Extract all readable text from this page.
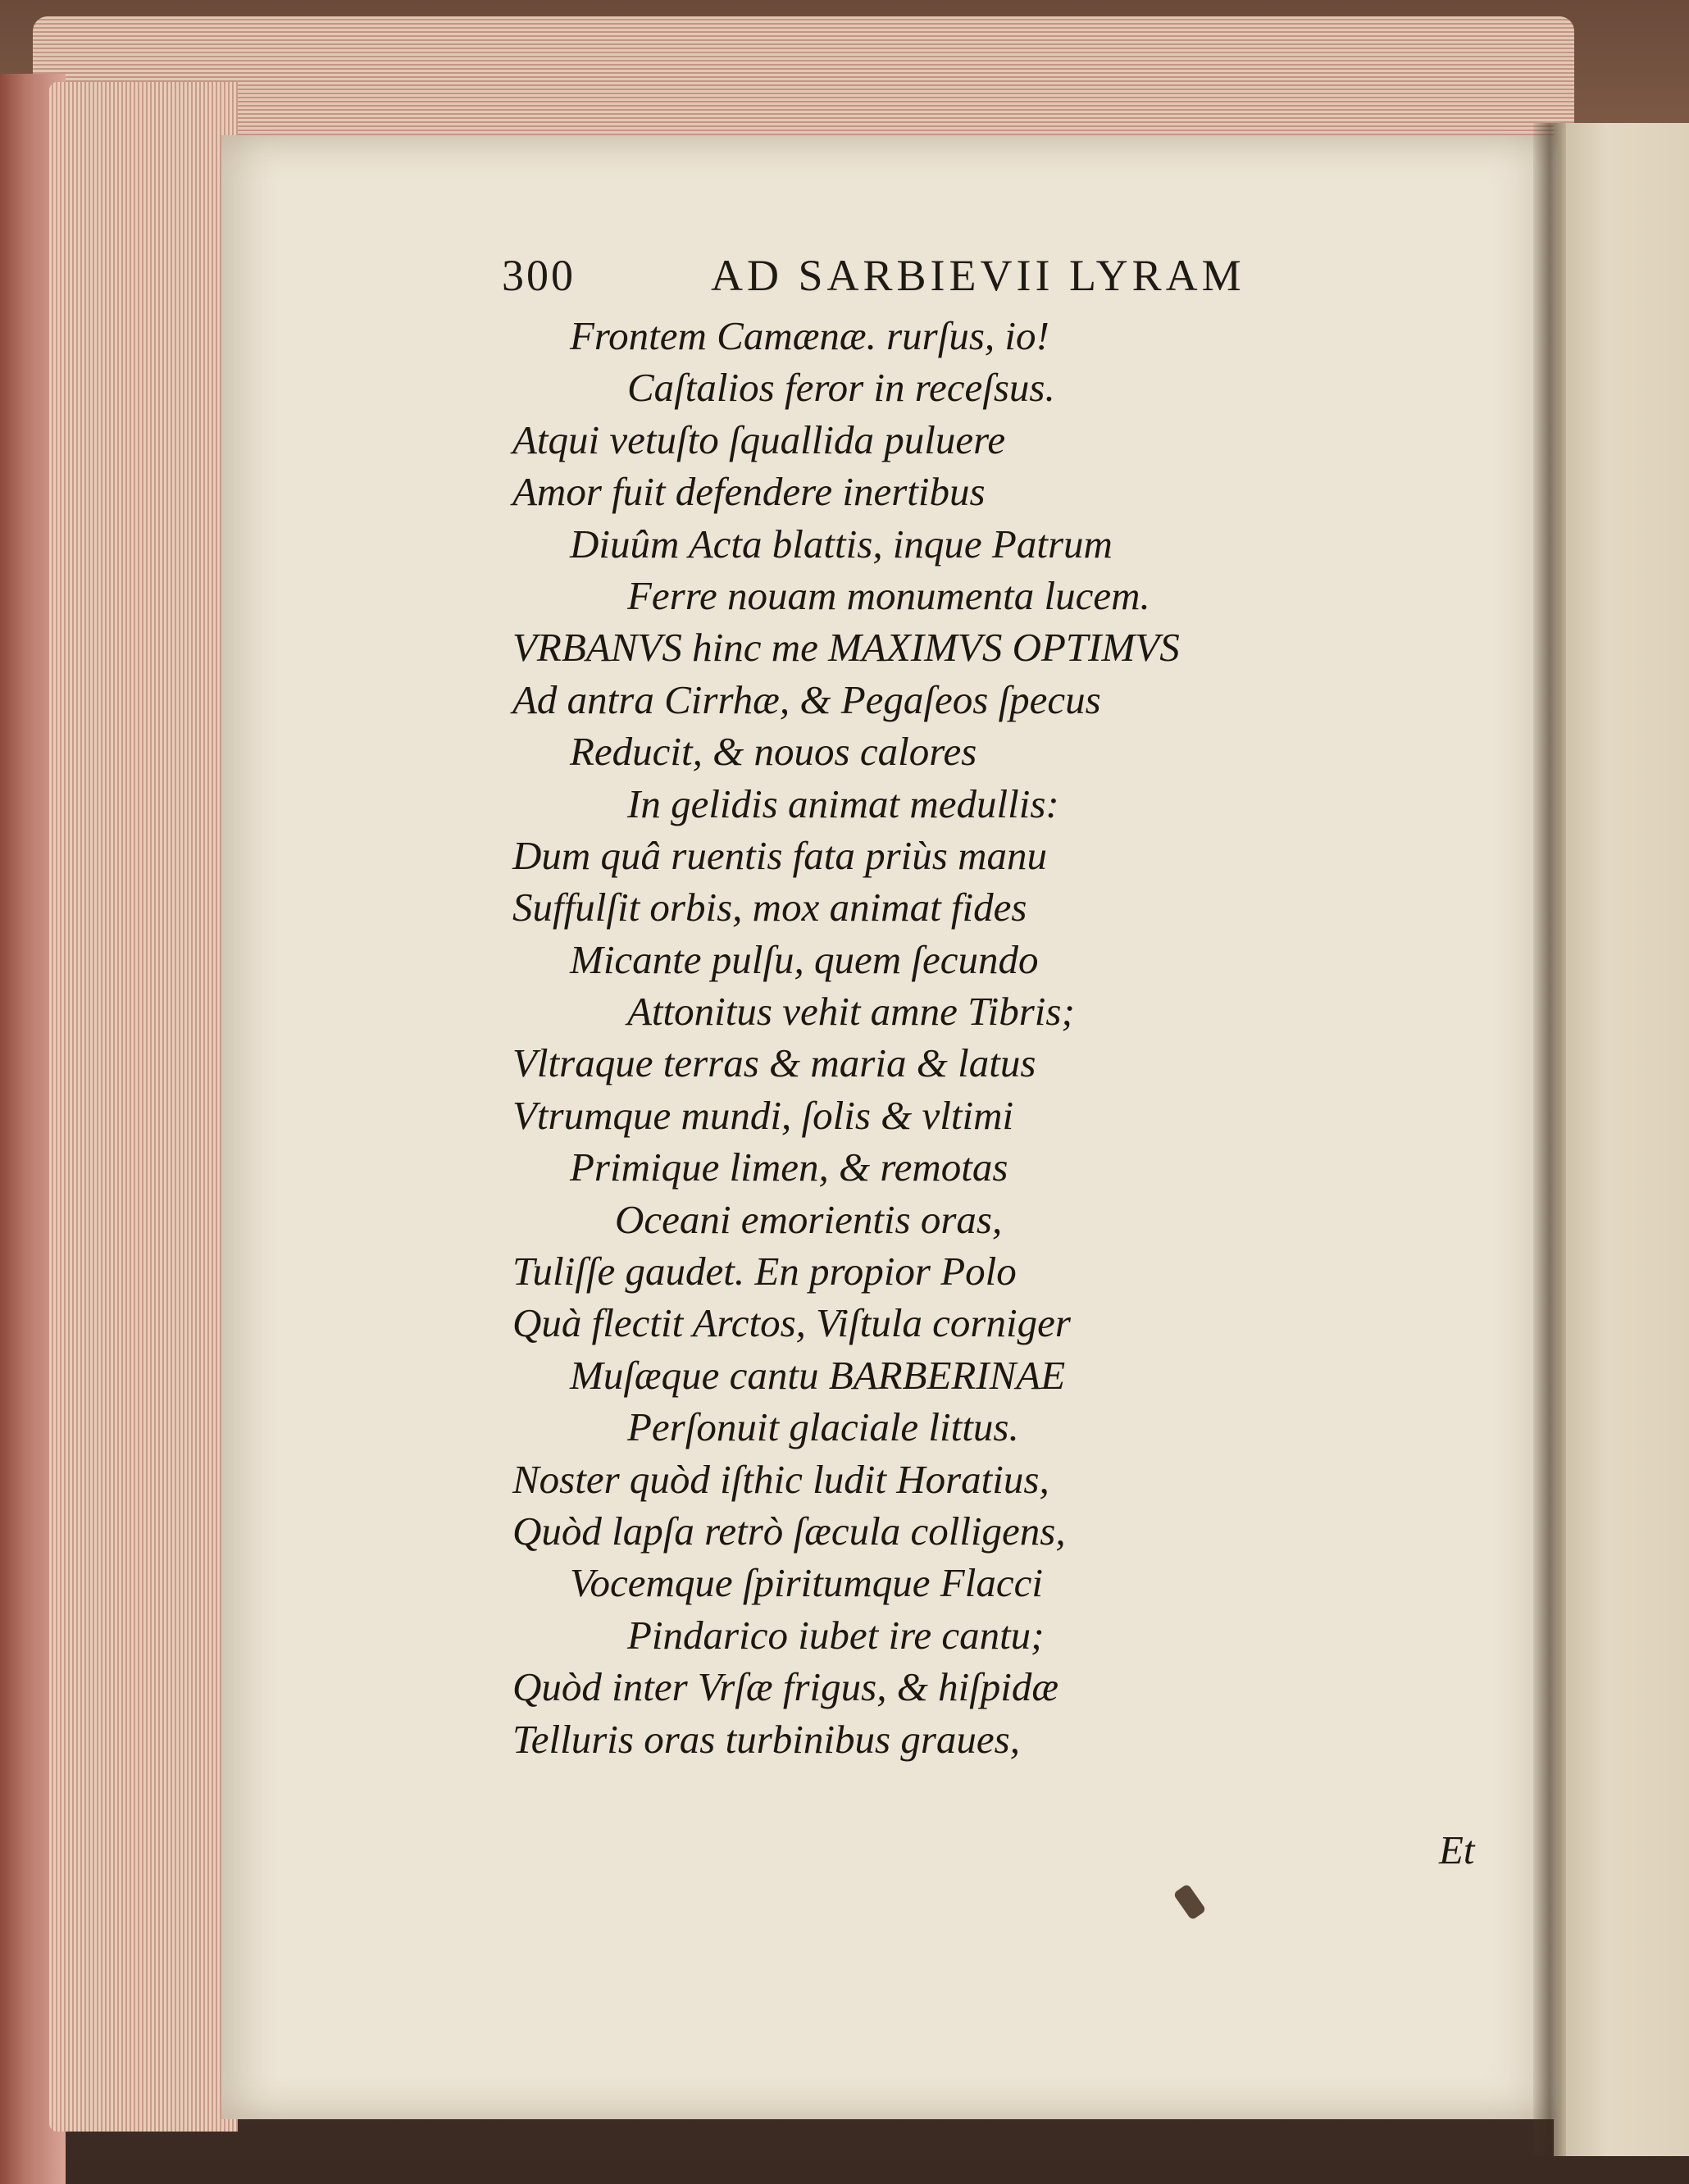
300	AD SARBIEVII LYRAM
Frontem Camænæ. rurſus, io!
Caſtalios feror in receſsus.
Atqui vetuſto ſquallida puluere
Amor fuit defendere inertibus
Diuûm Acta blattis, inque Patrum
Ferre nouam monumenta lucem.
VRBANVS hinc me MAXIMVS OPTIMVS
Ad antra Cirrhæ, & Pegaſeos ſpecus
Reducit, & nouos calores
In gelidis animat medullis:
Dum quâ ruentis fata priùs manu
Suffulſit orbis, mox animat fides
Micante pulſu, quem ſecundo
Attonitus vehit amne Tibris;
Vltraque terras & maria & latus
Vtrumque mundi, ſolis & vltimi
Primique limen, & remotas
Oceani emorientis oras,
Tuliſſe gaudet. En propior Polo
Quà flectit Arctos, Viſtula corniger
Muſæque cantu BARBERINAE
Perſonuit glaciale littus.
Noster quòd iſthic ludit Horatius,
Quòd lapſa retrò ſæcula colligens,
Vocemque ſpiritumque Flacci
Pindarico iubet ire cantu;
Quòd inter Vrſæ frigus, & hiſpidæ
Telluris oras turbinibus graues,
Et
